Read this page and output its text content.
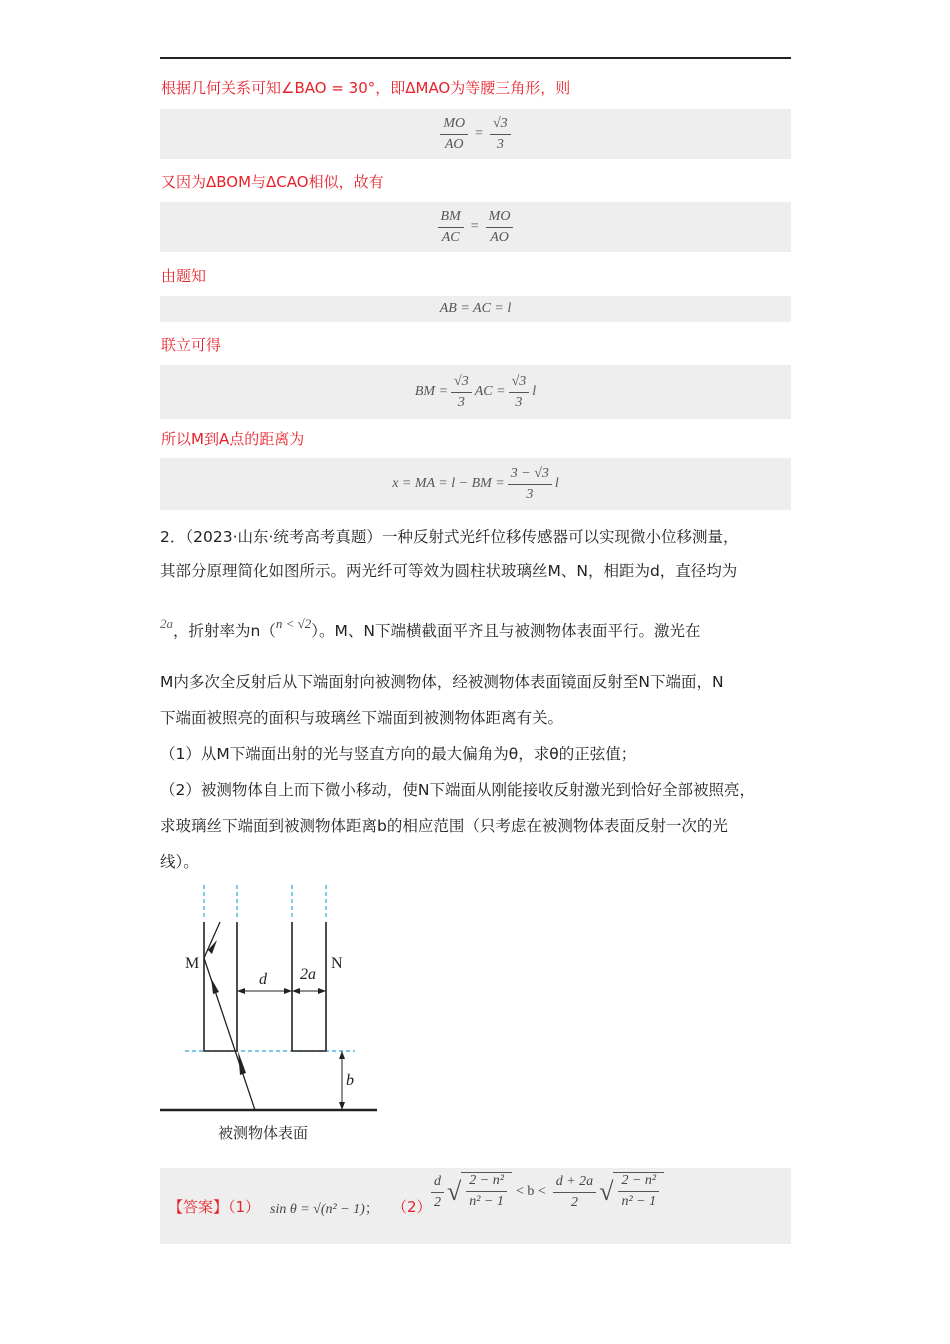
根据几何关系可知∠BAO = 30°，即ΔMAO为等腰三角形，则
$\frac{MO}{AO} = \frac{√3}{3}$
又因为ΔBOM与ΔCAO相似，故有
$\frac{BM}{AC} = \frac{MO}{AO}$
由题知
AB = AC = l
联立可得
BM = $\frac{√3}{3}$ AC = $\frac{√3}{3}$ l
所以M到A点的距离为
x = MA = l − BM = $\frac{3 - √3}{3}$ l
2．（2023·山东·统考高考真题）一种反射式光纤位移传感器可以实现微小位移测量，
其部分原理简化如图所示。两光纤可等效为圆柱状玻璃丝M、N，相距为d，直径均为
$^{2a}$，折射率为n（$^{n < √2}$）。M、N下端横截面平齐且与被测物体表面平行。激光在
M内多次全反射后从下端面射向被测物体，经被测物体表面镜面反射至N下端面，N
下端面被照亮的面积与玻璃丝下端面到被测物体距离有关。
（1）从M下端面出射的光与竖直方向的最大偏角为θ，求θ的正弦值；
（2）被测物体自上而下微小移动，使N下端面从刚能接收反射激光到恰好全部被照亮，
求玻璃丝下端面到被测物体距离b的相应范围（只考虑在被测物体表面反射一次的光
线）。
M	N
d 2a
b
被测物体表面
【答案】（1） sin θ = √(n² − 1)； $(2) \frac{d}{2}$ √ $\frac{\text{2 − n²}}{\text{n² − 1}} < b < \frac{d + 2a}{2}$ √ $\frac{\text{2 − n²}}{\text{n² − 1}}$
